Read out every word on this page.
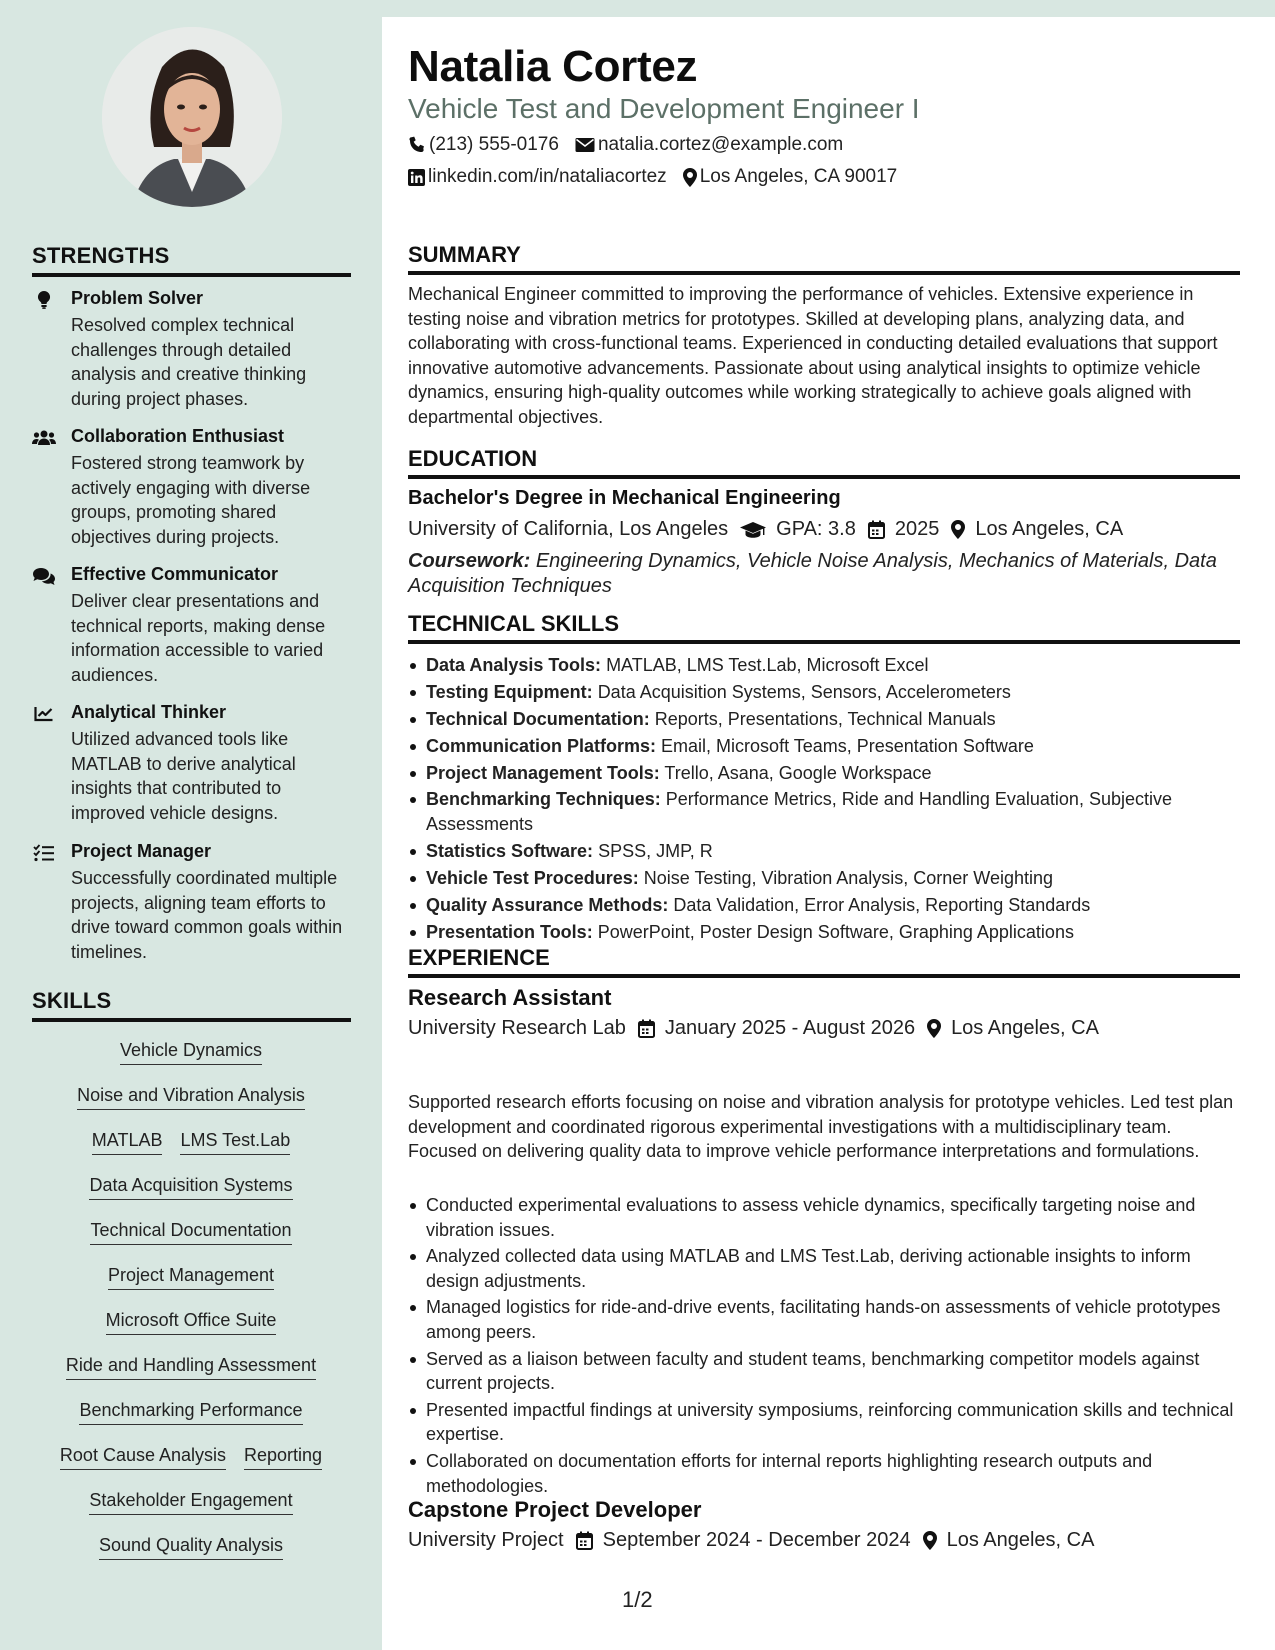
STRENGTHS
Problem Solver
Resolved complex technical challenges through detailed analysis and creative thinking during project phases.
Collaboration Enthusiast
Fostered strong teamwork by actively engaging with diverse groups, promoting shared objectives during projects.
Effective Communicator
Deliver clear presentations and technical reports, making dense information accessible to varied audiences.
Analytical Thinker
Utilized advanced tools like MATLAB to derive analytical insights that contributed to improved vehicle designs.
Project Manager
Successfully coordinated multiple projects, aligning team efforts to drive toward common goals within timelines.
SKILLS
Vehicle Dynamics
Noise and Vibration Analysis
MATLAB LMS Test.Lab
Data Acquisition Systems
Technical Documentation
Project Management
Microsoft Office Suite
Ride and Handling Assessment
Benchmarking Performance
Root Cause Analysis Reporting
Stakeholder Engagement
Sound Quality Analysis
Natalia Cortez
Vehicle Test and Development Engineer I
(213) 555-0176 natalia.cortez@example.com
linkedin.com/in/nataliacortez Los Angeles, CA 90017
SUMMARY
Mechanical Engineer committed to improving the performance of vehicles. Extensive experience in testing noise and vibration metrics for prototypes. Skilled at developing plans, analyzing data, and collaborating with cross-functional teams. Experienced in conducting detailed evaluations that support innovative automotive advancements. Passionate about using analytical insights to optimize vehicle dynamics, ensuring high-quality outcomes while working strategically to achieve goals aligned with departmental objectives.
EDUCATION
Bachelor's Degree in Mechanical Engineering
University of California, Los Angeles GPA: 3.8 2025 Los Angeles, CA
Coursework: Engineering Dynamics, Vehicle Noise Analysis, Mechanics of Materials, Data Acquisition Techniques
TECHNICAL SKILLS
Data Analysis Tools: MATLAB, LMS Test.Lab, Microsoft Excel
Testing Equipment: Data Acquisition Systems, Sensors, Accelerometers
Technical Documentation: Reports, Presentations, Technical Manuals
Communication Platforms: Email, Microsoft Teams, Presentation Software
Project Management Tools: Trello, Asana, Google Workspace
Benchmarking Techniques: Performance Metrics, Ride and Handling Evaluation, Subjective Assessments
Statistics Software: SPSS, JMP, R
Vehicle Test Procedures: Noise Testing, Vibration Analysis, Corner Weighting
Quality Assurance Methods: Data Validation, Error Analysis, Reporting Standards
Presentation Tools: PowerPoint, Poster Design Software, Graphing Applications
EXPERIENCE
Research Assistant
University Research Lab January 2025 - August 2026 Los Angeles, CA
Supported research efforts focusing on noise and vibration analysis for prototype vehicles. Led test plan development and coordinated rigorous experimental investigations with a multidisciplinary team. Focused on delivering quality data to improve vehicle performance interpretations and formulations.
Conducted experimental evaluations to assess vehicle dynamics, specifically targeting noise and vibration issues.
Analyzed collected data using MATLAB and LMS Test.Lab, deriving actionable insights to inform design adjustments.
Managed logistics for ride-and-drive events, facilitating hands-on assessments of vehicle prototypes among peers.
Served as a liaison between faculty and student teams, benchmarking competitor models against current projects.
Presented impactful findings at university symposiums, reinforcing communication skills and technical expertise.
Collaborated on documentation efforts for internal reports highlighting research outputs and methodologies.
Capstone Project Developer
University Project September 2024 - December 2024 Los Angeles, CA
1/2
